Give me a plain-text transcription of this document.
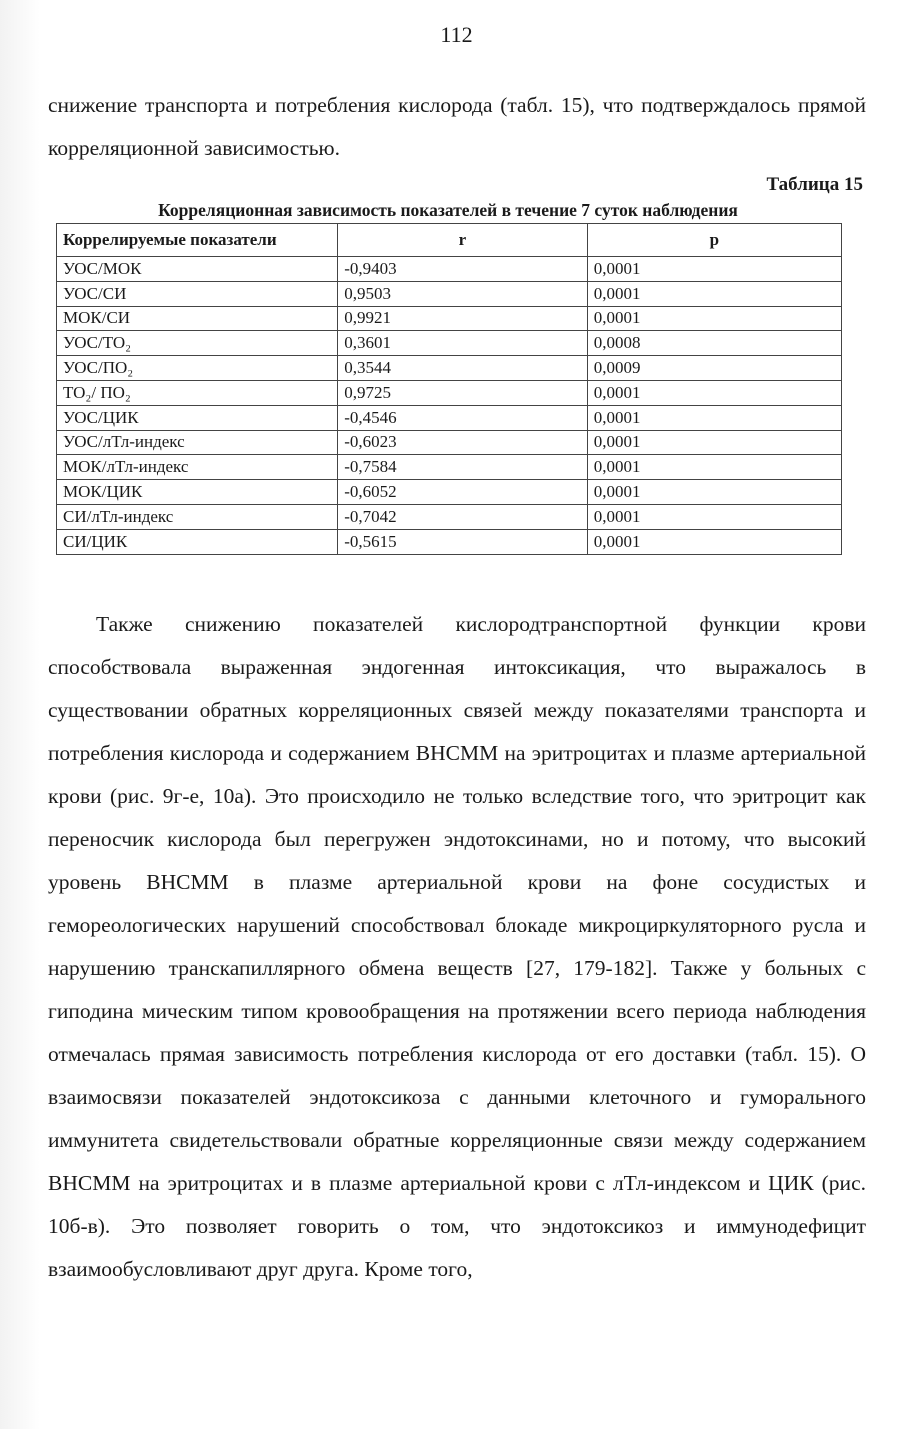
112

снижение транспорта и потребления кислорода (табл. 15), что подтверждалось прямой корреляционной зависимостью.

Таблица 15
Корреляционная зависимость показателей в течение 7 суток наблюдения
Коррелируемые показатели	r	p
УОС/МОК	-0,9403	0,0001
УОС/СИ	0,9503	0,0001
МОК/СИ	0,9921	0,0001
УОС/ТО₂	0,3601	0,0008
УОС/ПО₂	0,3544	0,0009
ТО₂/ ПО₂	0,9725	0,0001
УОС/ЦИК	-0,4546	0,0001
УОС/лТл-индекс	-0,6023	0,0001
МОК/лТл-индекс	-0,7584	0,0001
МОК/ЦИК	-0,6052	0,0001
СИ/лТл-индекс	-0,7042	0,0001
СИ/ЦИК	-0,5615	0,0001

Также снижению показателей кислородтранспортной функции крови способствовала выраженная эндогенная интоксикация, что выражалось в существовании обратных корреляционных связей между показателями транспорта и потребления кислорода и содержанием ВНСММ на эритроцитах и плазме артериальной крови (рис. 9г-е, 10а). Это происходило не только вследствие того, что эритроцит как переносчик кислорода был перегружен эндотоксинами, но и потому, что высокий уровень ВНСММ в плазме артериальной крови на фоне сосудистых и гемореологических нарушений способствовал блокаде микроциркуляторного русла и нарушению транскапиллярного обмена веществ [27, 179-182]. Также у больных с гиподина мическим типом кровообращения на протяжении всего периода наблюдения отмечалась прямая зависимость потребления кислорода от его доставки (табл. 15). О взаимосвязи показателей эндотоксикоза с данными клеточного и гуморального иммунитета свидетельствовали обратные корреляционные связи между содержанием ВНСММ на эритроцитах и в плазме артериальной крови с лТл-индексом и ЦИК (рис. 10б-в). Это позволяет говорить о том, что эндотоксикоз и иммунодефицит взаимообусловливают друг друга. Кроме того,
